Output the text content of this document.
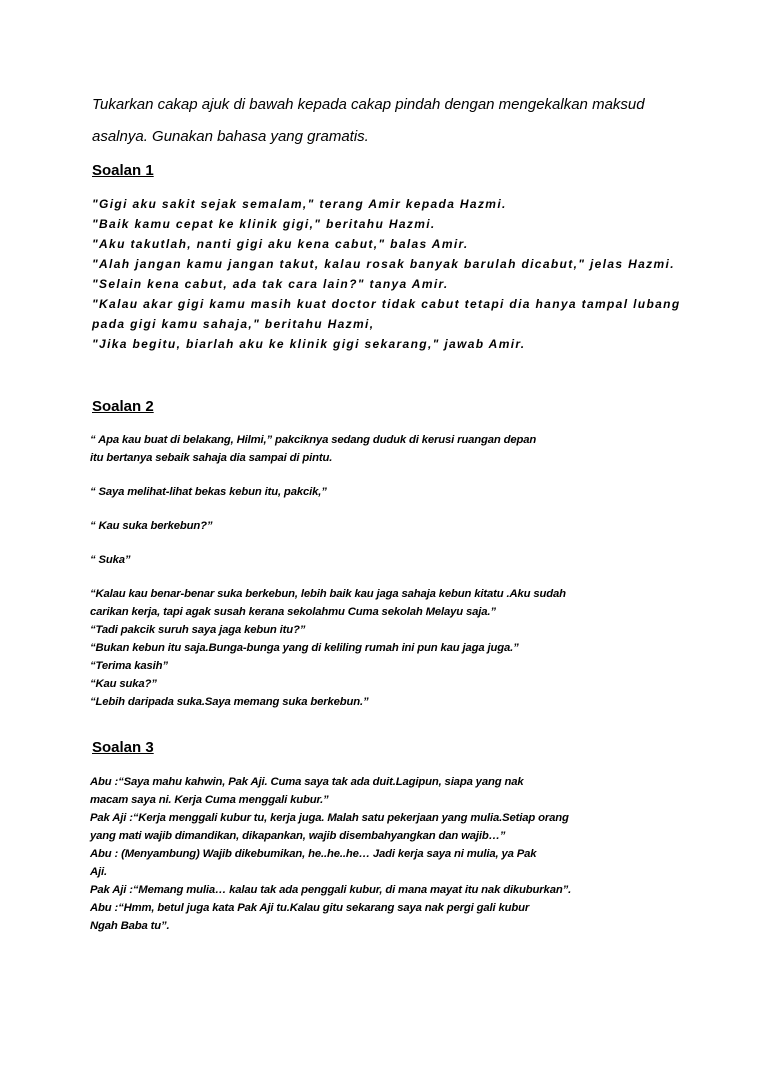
Tukarkan cakap ajuk di bawah kepada cakap pindah dengan mengekalkan maksud

asalnya. Gunakan bahasa yang gramatis.

Soalan 1
"Gigi aku sakit sejak semalam," terang Amir kepada Hazmi.
"Baik kamu cepat ke klinik gigi," beritahu Hazmi.
"Aku takutlah, nanti gigi aku kena cabut," balas Amir.
"Alah jangan kamu jangan takut, kalau rosak banyak barulah dicabut," jelas Hazmi.
"Selain kena cabut, ada tak cara lain?" tanya Amir.
"Kalau akar gigi kamu masih kuat doctor tidak cabut tetapi dia hanya tampal lubang
pada gigi kamu sahaja," beritahu Hazmi,
"Jika begitu, biarlah aku ke klinik gigi sekarang," jawab Amir.
Soalan 2
“ Apa kau buat di belakang, Hilmi,” pakciknya sedang duduk di kerusi ruangan depan
itu bertanya sebaik sahaja dia sampai di pintu.
“ Saya melihat-lihat bekas kebun itu, pakcik,”
“ Kau suka berkebun?”
“ Suka”
“Kalau kau benar-benar suka berkebun, lebih baik kau jaga sahaja kebun kitatu .Aku sudah
carikan kerja, tapi agak susah kerana sekolahmu Cuma sekolah Melayu saja.”
“Tadi pakcik suruh saya jaga kebun itu?”
“Bukan kebun itu saja.Bunga-bunga yang di keliling rumah ini pun kau jaga juga.”
“Terima kasih”
“Kau suka?”
“Lebih daripada suka.Saya memang suka berkebun.”
Soalan 3
Abu :“Saya mahu kahwin, Pak Aji. Cuma saya tak ada duit.Lagipun, siapa yang nak
macam saya ni. Kerja Cuma menggali kubur.”
Pak Aji :“Kerja menggali kubur tu, kerja juga. Malah satu pekerjaan yang mulia.Setiap orang
yang mati wajib dimandikan, dikapankan, wajib disembahyangkan dan wajib…”
Abu : (Menyambung) Wajib dikebumikan, he..he..he… Jadi kerja saya ni mulia, ya Pak
Aji.
Pak Aji :“Memang mulia… kalau tak ada penggali kubur, di mana mayat itu nak dikuburkan”.
Abu :“Hmm, betul juga kata Pak Aji tu.Kalau gitu sekarang saya nak pergi gali kubur
Ngah Baba tu”.
